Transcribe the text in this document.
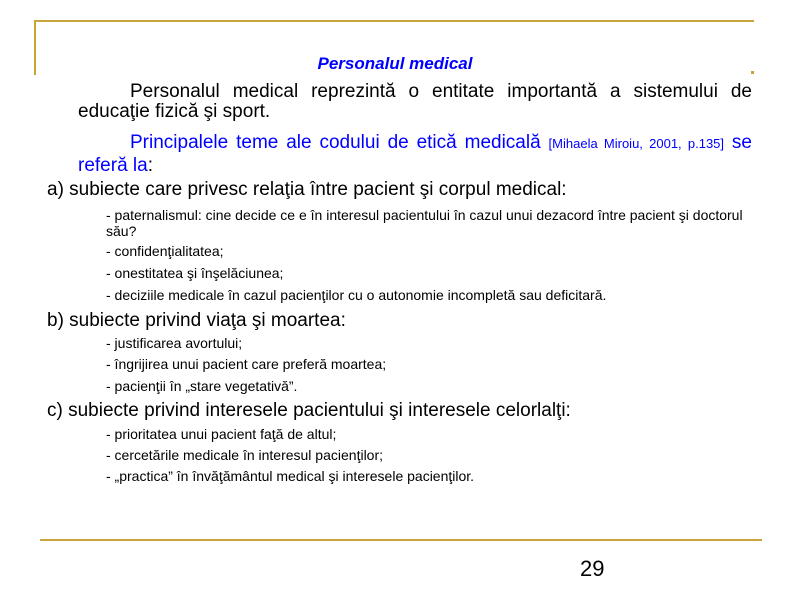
Personalul medical
Personalul medical reprezintă o entitate importantă a sistemului de educaţie fizică şi sport.
Principalele teme ale codului de etică medicală [Mihaela Miroiu, 2001, p.135] se referă la:
a) subiecte care privesc relaţia între pacient şi corpul medical:
- paternalismul: cine decide ce e în interesul pacientului în cazul unui dezacord între pacient şi doctorul său?
- confidenţialitatea;
- onestitatea şi înşelăciunea;
- deciziile medicale în cazul pacienţilor cu o autonomie incompletă sau deficitară.
b) subiecte privind viaţa şi moartea:
- justificarea avortului;
- îngrijirea unui pacient care preferă moartea;
- pacienţii în „stare vegetativă”.
c) subiecte privind interesele pacientului şi interesele celorlalţi:
- prioritatea unui pacient faţă de altul;
- cercetările medicale în interesul pacienţilor;
- „practica” în învăţământul medical şi interesele pacienţilor.
29
